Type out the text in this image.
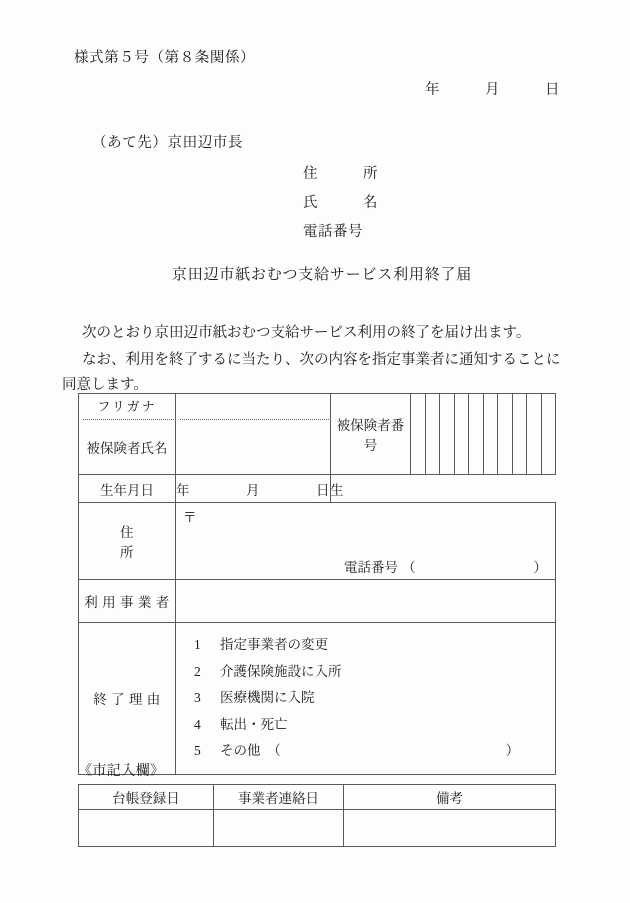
様式第５号（第８条関係）
年　　　月　　　日
（あて先）京田辺市長
住　　　所
氏　　　名
電話番号
京田辺市紙おむつ支給サービス利用終了届
次のとおり京田辺市紙おむつ支給サービス利用の終了を届け出ます。
なお、利用を終了するに当たり、次の内容を指定事業者に通知することに同意します。
フリガナ
被保険者氏名		被保険者番号	

生年月日	年　　　　月　　　　日生		
住　　　　　　所	〒
電話番号 （ ）		

利 用 事 業 者			

終 了 理 由	1 指定事業者の変更
2 介護保険施設に入所
3 医療機関に入院
4 転出・死亡
5 その他　（ ）		
《市記入欄》
台帳登録日	事業者連絡日	備考
